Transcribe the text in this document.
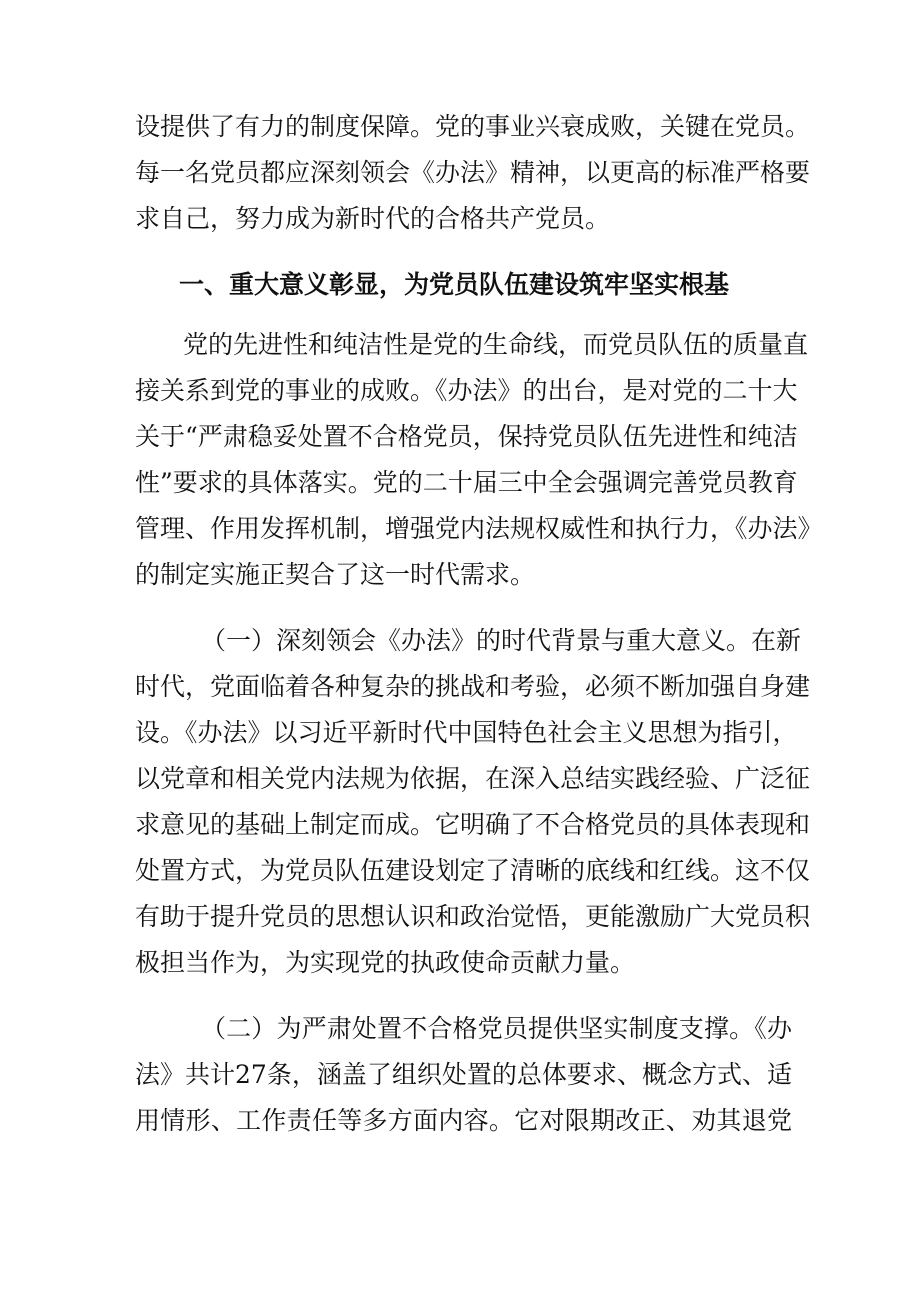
设提供了有力的制度保障。党的事业兴衰成败，关键在党员。
每一名党员都应深刻领会《办法》精神，以更高的标准严格要
求自己，努力成为新时代的合格共产党员。
一、重大意义彰显，为党员队伍建设筑牢坚实根基
党的先进性和纯洁性是党的生命线，而党员队伍的质量直
接关系到党的事业的成败。《办法》的出台，是对党的二十大
关于“严肃稳妥处置不合格党员，保持党员队伍先进性和纯洁
性”要求的具体落实。党的二十届三中全会强调完善党员教育
管理、作用发挥机制，增强党内法规权威性和执行力，《办法》
的制定实施正契合了这一时代需求。
（一）深刻领会《办法》的时代背景与重大意义。在新
时代，党面临着各种复杂的挑战和考验，必须不断加强自身建
设。《办法》以习近平新时代中国特色社会主义思想为指引，
以党章和相关党内法规为依据，在深入总结实践经验、广泛征
求意见的基础上制定而成。它明确了不合格党员的具体表现和
处置方式，为党员队伍建设划定了清晰的底线和红线。这不仅
有助于提升党员的思想认识和政治觉悟，更能激励广大党员积
极担当作为，为实现党的执政使命贡献力量。
（二）为严肃处置不合格党员提供坚实制度支撑。《办
法》共计27条，涵盖了组织处置的总体要求、概念方式、适
用情形、工作责任等多方面内容。它对限期改正、劝其退党
